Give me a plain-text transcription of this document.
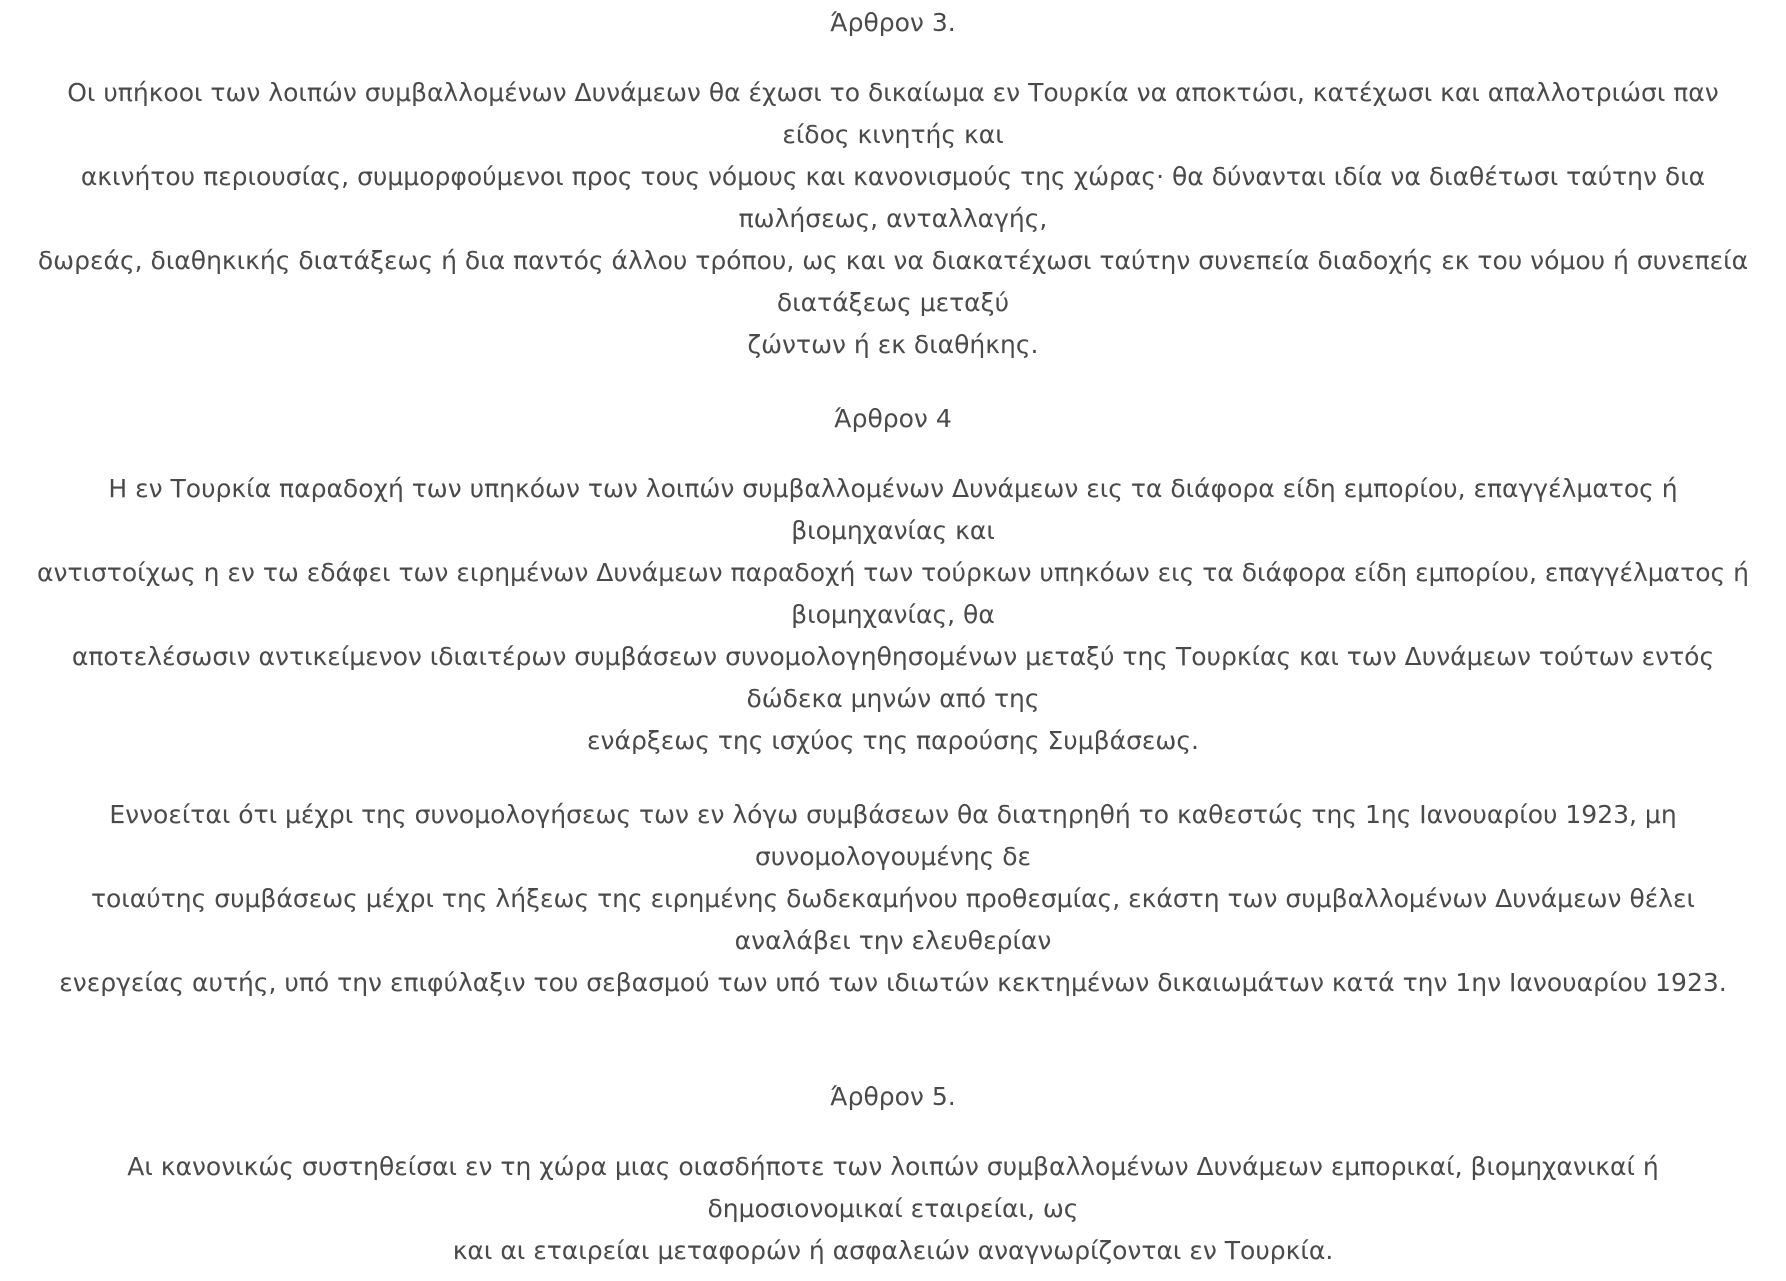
Άρθρον 3.
Οι υπήκοοι των λοιπών συμβαλλομένων Δυνάμεων θα έχωσι το δικαίωμα εν Τουρκία να αποκτώσι, κατέχωσι και απαλλοτριώσι παν είδος κινητής και
ακινήτου περιουσίας, συμμορφούμενοι προς τους νόμους και κανονισμούς της χώρας· θα δύνανται ιδία να διαθέτωσι ταύτην δια πωλήσεως, ανταλλαγής,
δωρεάς, διαθηκικής διατάξεως ή δια παντός άλλου τρόπου, ως και να διακατέχωσι ταύτην συνεπεία διαδοχής εκ του νόμου ή συνεπεία διατάξεως μεταξύ
ζώντων ή εκ διαθήκης.
Άρθρον 4
Η εν Τουρκία παραδοχή των υπηκόων των λοιπών συμβαλλομένων Δυνάμεων εις τα διάφορα είδη εμπορίου, επαγγέλματος ή βιομηχανίας και
αντιστοίχως η εν τω εδάφει των ειρημένων Δυνάμεων παραδοχή των τούρκων υπηκόων εις τα διάφορα είδη εμπορίου, επαγγέλματος ή βιομηχανίας, θα
αποτελέσωσιν αντικείμενον ιδιαιτέρων συμβάσεων συνομολογηθησομένων μεταξύ της Τουρκίας και των Δυνάμεων τούτων εντός δώδεκα μηνών από της
ενάρξεως της ισχύος της παρούσης Συμβάσεως.
Εννοείται ότι μέχρι της συνομολογήσεως των εν λόγω συμβάσεων θα διατηρηθή το καθεστώς της 1ης Ιανουαρίου 1923, μη συνομολογουμένης δε
τοιαύτης συμβάσεως μέχρι της λήξεως της ειρημένης δωδεκαμήνου προθεσμίας, εκάστη των συμβαλλομένων Δυνάμεων θέλει αναλάβει την ελευθερίαν
ενεργείας αυτής, υπό την επιφύλαξιν του σεβασμού των υπό των ιδιωτών κεκτημένων δικαιωμάτων κατά την 1ην Ιανουαρίου 1923.
Άρθρον 5.
Αι κανονικώς συστηθείσαι εν τη χώρα μιας οιασδήποτε των λοιπών συμβαλλομένων Δυνάμεων εμπορικαί, βιομηχανικαί ή δημοσιονομικαί εταιρείαι, ως
και αι εταιρείαι μεταφορών ή ασφαλειών αναγνωρίζονται εν Τουρκία.
